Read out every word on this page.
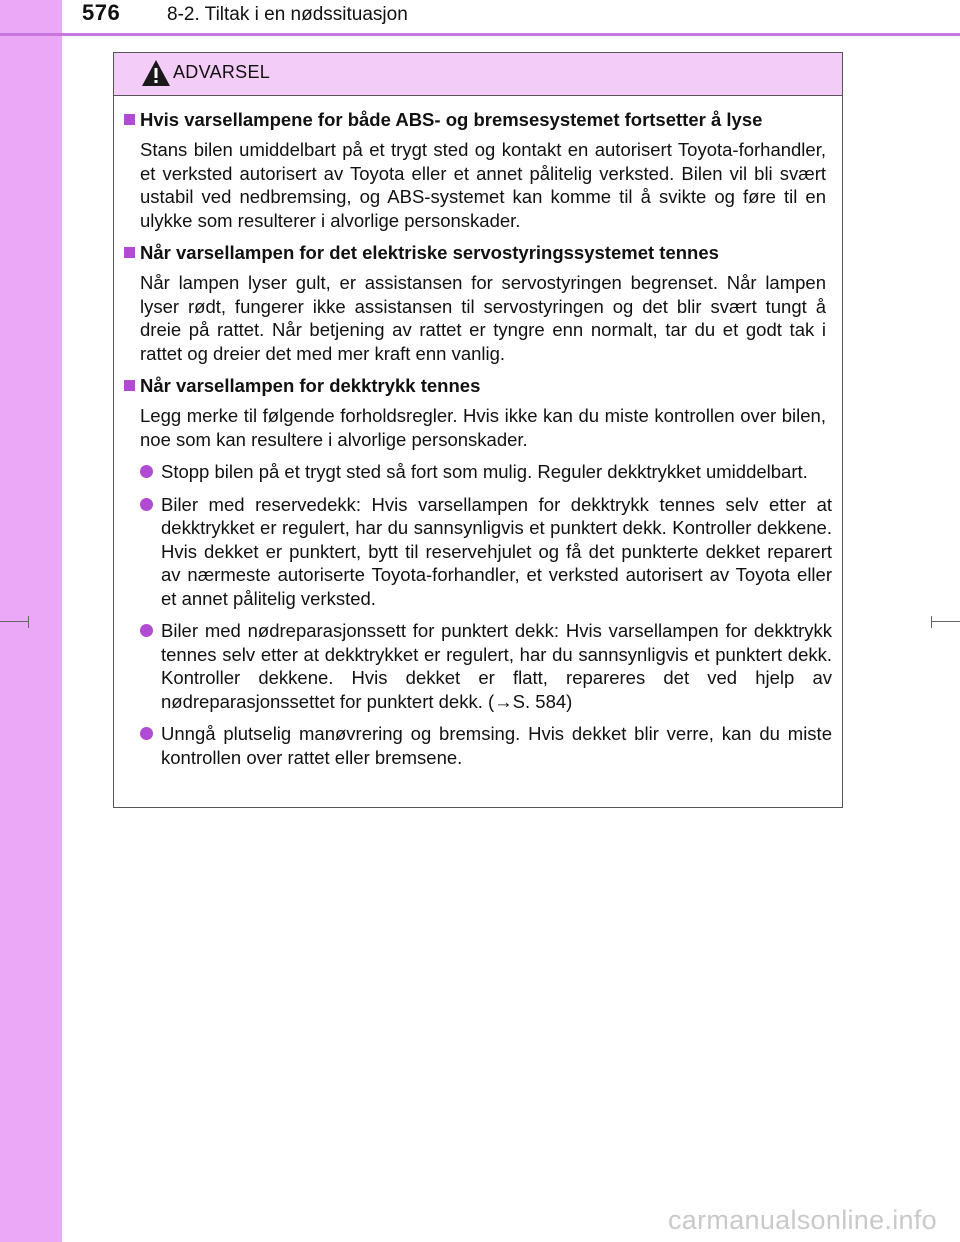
576 8-2. Tiltak i en nødssituasjon
ADVARSEL
Hvis varsellampene for både ABS- og bremsesystemet fortsetter å lyse
Stans bilen umiddelbart på et trygt sted og kontakt en autorisert Toyota-forhandler, et verksted autorisert av Toyota eller et annet pålitelig verksted. Bilen vil bli svært ustabil ved nedbremsing, og ABS-systemet kan komme til å svikte og føre til en ulykke som resulterer i alvorlige personskader.
Når varsellampen for det elektriske servostyringssystemet tennes
Når lampen lyser gult, er assistansen for servostyringen begrenset. Når lampen lyser rødt, fungerer ikke assistansen til servostyringen og det blir svært tungt å dreie på rattet. Når betjening av rattet er tyngre enn normalt, tar du et godt tak i rattet og dreier det med mer kraft enn vanlig.
Når varsellampen for dekktrykk tennes
Legg merke til følgende forholdsregler. Hvis ikke kan du miste kontrollen over bilen, noe som kan resultere i alvorlige personskader.
Stopp bilen på et trygt sted så fort som mulig. Reguler dekktrykket umiddelbart.
Biler med reservedekk: Hvis varsellampen for dekktrykk tennes selv etter at dekktrykket er regulert, har du sannsynligvis et punktert dekk. Kontroller dekkene. Hvis dekket er punktert, bytt til reservehjulet og få det punkterte dekket reparert av nærmeste autoriserte Toyota-forhandler, et verksted autorisert av Toyota eller et annet pålitelig verksted.
Biler med nødreparasjonssett for punktert dekk: Hvis varsellampen for dekktrykk tennes selv etter at dekktrykket er regulert, har du sannsynligvis et punktert dekk. Kontroller dekkene. Hvis dekket er flatt, repareres det ved hjelp av nødreparasjonssettet for punktert dekk. (→S. 584)
Unngå plutselig manøvrering og bremsing. Hvis dekket blir verre, kan du miste kontrollen over rattet eller bremsene.
carmanualsonline.info
